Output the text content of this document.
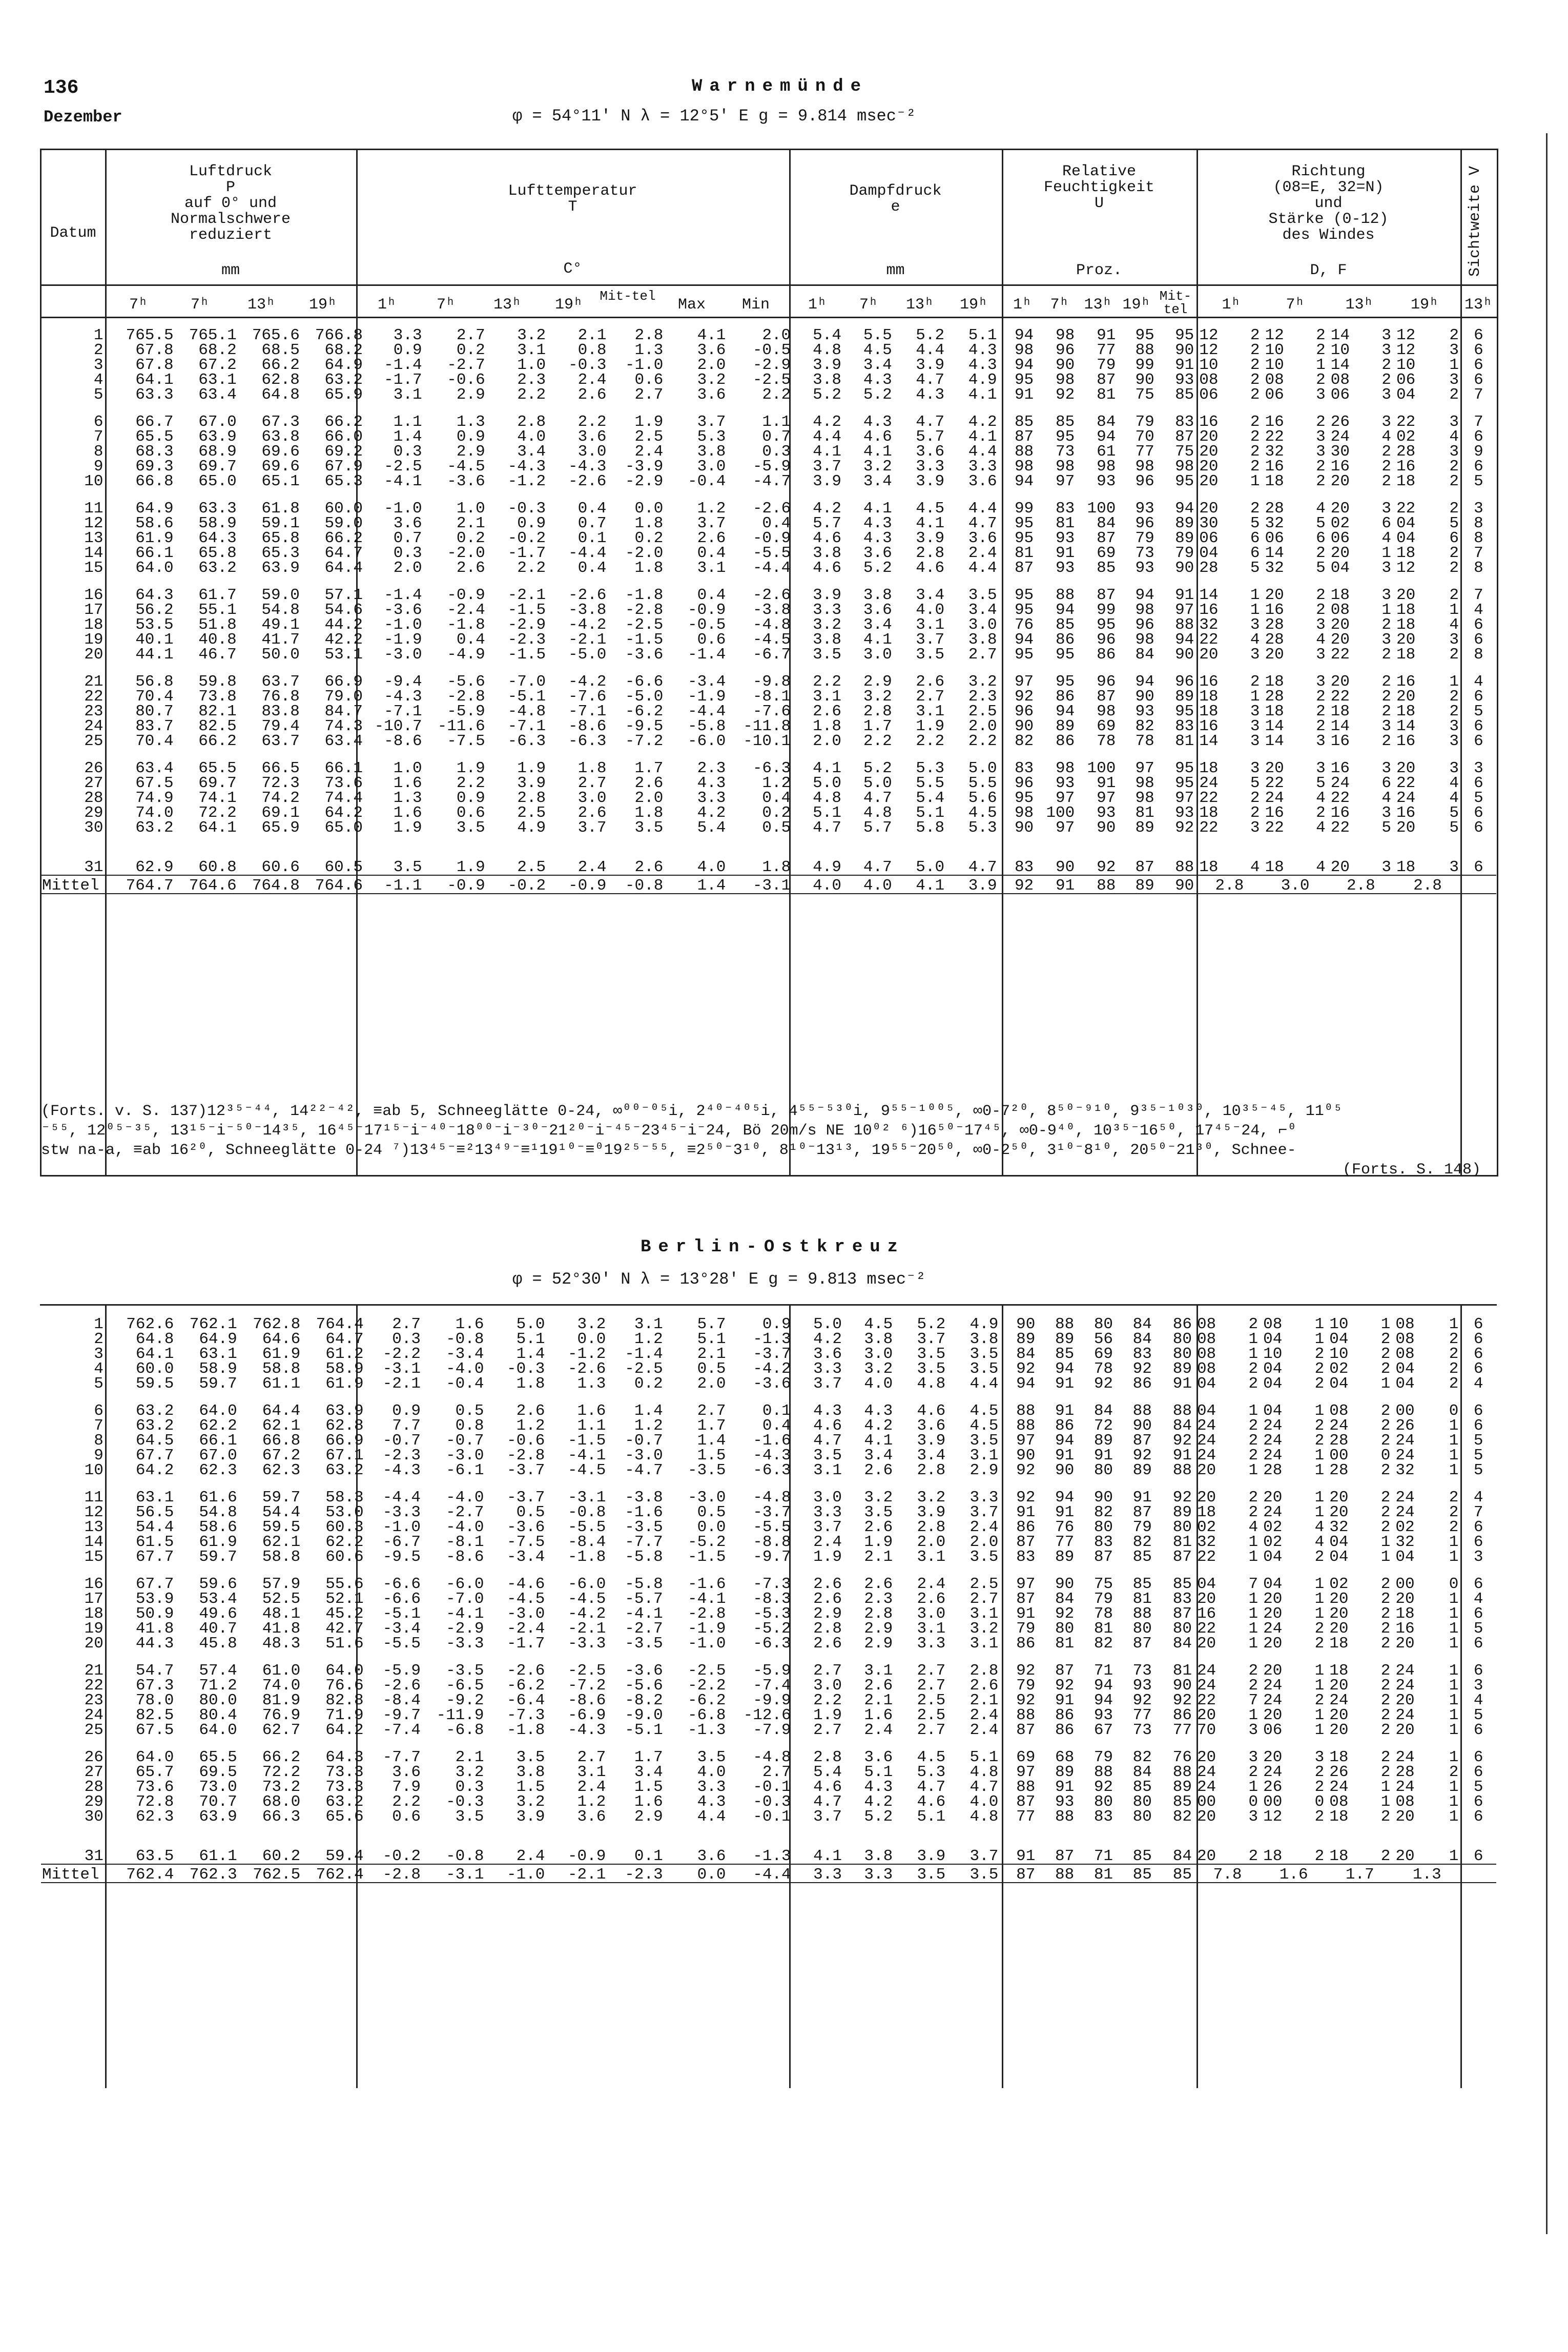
136
Dezember
Warnemünde
φ = 54°11′ N λ = 12°5′ E g = 9.814 msec⁻²
Datum
Luftdruck
P
auf 0° und
Normalschwere
reduziert
mm
Lufttemperatur
T
C°
Dampfdruck
e
mm
Relative
Feuchtigkeit
U
Proz.
Richtung
(08=E, 32=N)
und
Stärke (0-12)
des Windes
D, F	Sichtweite V
7ʰ	7ʰ	13ʰ	19ʰ	1ʰ	7ʰ	13ʰ	19ʰ	Mit-tel	Max	Min	1ʰ	7ʰ	13ʰ	19ʰ	1ʰ	7ʰ 13ʰ 19ʰ Mit-tel	1ʰ	7ʰ	13ʰ	19ʰ	13ʰ
1	765.5	765.1	765.6	766.8	3.3	2.7	3.2	2.1	2.8	4.1	2.0	5.4	5.5	5.2	5.1	94	98	91	95	95	12	2	12	2	14	3	12	2	6
2	67.8	68.2	68.5	68.2	0.9	0.2	3.1	0.8	1.3	3.6	-0.5	4.8	4.5	4.4	4.3	98	96	77	88	90	12	2	10	2	10	3	12	3	6
3	67.8	67.2	66.2	64.9	-1.4	-2.7	1.0	-0.3	-1.0	2.0	-2.9	3.9	3.4	3.9	4.3	94	90	79	99	91	10	2	10	1	14	2	10	1	6
4	64.1	63.1	62.8	63.2	-1.7	-0.6	2.3	2.4	0.6	3.2	-2.5	3.8	4.3	4.7	4.9	95	98	87	90	93	08	2	08	2	08	2	06	3	6
5	63.3	63.4	64.8	65.9	3.1	2.9	2.2	2.6	2.7	3.6	2.2	5.2	5.2	4.3	4.1	91	92	81	75	85	06	2	06	3	06	3	04	2	7

6	66.7	67.0	67.3	66.2	1.1	1.3	2.8	2.2	1.9	3.7	1.1	4.2	4.3	4.7	4.2	85	85	84	79	83	16	2	16	2	26	3	22	3	7
7	65.5	63.9	63.8	66.0	1.4	0.9	4.0	3.6	2.5	5.3	0.7	4.4	4.6	5.7	4.1	87	95	94	70	87	20	2	22	3	24	4	02	4	6
8	68.3	68.9	69.6	69.2	0.3	2.9	3.4	3.0	2.4	3.8	0.3	4.1	4.1	3.6	4.4	88	73	61	77	75	20	2	32	3	30	2	28	3	9
9	69.3	69.7	69.6	67.9	-2.5	-4.5	-4.3	-4.3	-3.9	3.0	-5.9	3.7	3.2	3.3	3.3	98	98	98	98	98	20	2	16	2	16	2	16	2	6
10	66.8	65.0	65.1	65.3	-4.1	-3.6	-1.2	-2.6	-2.9	-0.4	-4.7	3.9	3.4	3.9	3.6	94	97	93	96	95	20	1	18	2	20	2	18	2	5

11	64.9	63.3	61.8	60.0	-1.0	1.0	-0.3	0.4	0.0	1.2	-2.6	4.2	4.1	4.5	4.4	99	83	100	93	94	20	2	28	4	20	3	22	2	3
12	58.6	58.9	59.1	59.0	3.6	2.1	0.9	0.7	1.8	3.7	0.4	5.7	4.3	4.1	4.7	95	81	84	96	89	30	5	32	5	02	6	04	5	8
13	61.9	64.3	65.8	66.2	0.7	0.2	-0.2	0.1	0.2	2.6	-0.9	4.6	4.3	3.9	3.6	95	93	87	79	89	06	6	06	6	06	4	04	6	8
14	66.1	65.8	65.3	64.7	0.3	-2.0	-1.7	-4.4	-2.0	0.4	-5.5	3.8	3.6	2.8	2.4	81	91	69	73	79	04	6	14	2	20	1	18	2	7
15	64.0	63.2	63.9	64.4	2.0	2.6	2.2	0.4	1.8	3.1	-4.4	4.6	5.2	4.6	4.4	87	93	85	93	90	28	5	32	5	04	3	12	2	8

16	64.3	61.7	59.0	57.1	-1.4	-0.9	-2.1	-2.6	-1.8	0.4	-2.6	3.9	3.8	3.4	3.5	95	88	87	94	91	14	1	20	2	18	3	20	2	7
17	56.2	55.1	54.8	54.6	-3.6	-2.4	-1.5	-3.8	-2.8	-0.9	-3.8	3.3	3.6	4.0	3.4	95	94	99	98	97	16	1	16	2	08	1	18	1	4
18	53.5	51.8	49.1	44.2	-1.0	-1.8	-2.9	-4.2	-2.5	-0.5	-4.8	3.2	3.4	3.1	3.0	76	85	95	96	88	32	3	28	3	20	2	18	4	6
19	40.1	40.8	41.7	42.2	-1.9	0.4	-2.3	-2.1	-1.5	0.6	-4.5	3.8	4.1	3.7	3.8	94	86	96	98	94	22	4	28	4	20	3	20	3	6
20	44.1	46.7	50.0	53.1	-3.0	-4.9	-1.5	-5.0	-3.6	-1.4	-6.7	3.5	3.0	3.5	2.7	95	95	86	84	90	20	3	20	3	22	2	18	2	8

21	56.8	59.8	63.7	66.9	-9.4	-5.6	-7.0	-4.2	-6.6	-3.4	-9.8	2.2	2.9	2.6	3.2	97	95	96	94	96	16	2	18	3	20	2	16	1	4
22	70.4	73.8	76.8	79.0	-4.3	-2.8	-5.1	-7.6	-5.0	-1.9	-8.1	3.1	3.2	2.7	2.3	92	86	87	90	89	18	1	28	2	22	2	20	2	6
23	80.7	82.1	83.8	84.7	-7.1	-5.9	-4.8	-7.1	-6.2	-4.4	-7.6	2.6	2.8	3.1	2.5	96	94	98	93	95	18	3	18	2	18	2	18	2	5
24	83.7	82.5	79.4	74.3	-10.7	-11.6	-7.1	-8.6	-9.5	-5.8	-11.8	1.8	1.7	1.9	2.0	90	89	69	82	83	16	3	14	2	14	3	14	3	6
25	70.4	66.2	63.7	63.4	-8.6	-7.5	-6.3	-6.3	-7.2	-6.0	-10.1	2.0	2.2	2.2	2.2	82	86	78	78	81	14	3	14	3	16	2	16	3	6

26	63.4	65.5	66.5	66.1	1.0	1.9	1.9	1.8	1.7	2.3	-6.3	4.1	5.2	5.3	5.0	83	98	100	97	95	18	3	20	3	16	3	20	3	3
27	67.5	69.7	72.3	73.6	1.6	2.2	3.9	2.7	2.6	4.3	1.2	5.0	5.0	5.5	5.5	96	93	91	98	95	24	5	22	5	24	6	22	4	6
28	74.9	74.1	74.2	74.4	1.3	0.9	2.8	3.0	2.0	3.3	0.4	4.8	4.7	5.4	5.6	95	97	97	98	97	22	2	24	4	22	4	24	4	5
29	74.0	72.2	69.1	64.2	1.6	0.6	2.5	2.6	1.8	4.2	0.2	5.1	4.8	5.1	4.5	98	100	93	81	93	18	2	16	2	16	3	16	5	6
30	63.2	64.1	65.9	65.0	1.9	3.5	4.9	3.7	3.5	5.4	0.5	4.7	5.7	5.8	5.3	90	97	90	89	92	22	3	22	4	22	5	20	5	6

31	62.9	60.8	60.6	60.5	3.5	1.9	2.5	2.4	2.6	4.0	1.8	4.9	4.7	5.0	4.7	83	90	92	87	88	18	4	18	4	20	3	18	3	6
Mittel	764.7	764.6	764.8	764.6	-1.1	-0.9	-0.2	-0.9	-0.8	1.4	-3.1	4.0	4.0	4.1	3.9	92	91	88	89	90	2.8		3.0		2.8		2.8		
(Forts. v. S. 137)12³⁵⁻⁴⁴, 14²²⁻⁴², ≡ab 5, Schneeglätte 0-24, ∞⁰⁰⁻⁰⁵i, 2⁴⁰⁻⁴⁰⁵i, 4⁵⁵⁻⁵³⁰i, 9⁵⁵⁻¹⁰⁰⁵, ∞0-7²⁰, 8⁵⁰⁻⁹¹⁰, 9³⁵⁻¹⁰³⁰, 10³⁵⁻⁴⁵, 11⁰⁵
⁻⁵⁵, 12⁰⁵⁻³⁵, 13¹⁵⁻i⁻⁵⁰⁻14³⁵, 16⁴⁵⁻17¹⁵⁻i⁻⁴⁰⁻18⁰⁰⁻i⁻³⁰⁻21²⁰⁻i⁻⁴⁵⁻23⁴⁵⁻i⁻24, Bö 20m/s NE 10⁰² ⁶)16⁵⁰⁻17⁴⁵, ∞0-9⁴⁰, 10³⁵⁻16⁵⁰, 17⁴⁵⁻24, ⌐⁰
stw na-a, ≡ab 16²⁰, Schneeglätte 0-24 ⁷)13⁴⁵⁻≡²13⁴⁹⁻≡¹19¹⁰⁻≡⁰19²⁵⁻⁵⁵, ≡2⁵⁰⁻3¹⁰, 8¹⁰⁻13¹³, 19⁵⁵⁻20⁵⁰, ∞0-2⁵⁰, 3¹⁰⁻8¹⁰, 20⁵⁰⁻21³⁰, Schnee-
(Forts. S. 148)
Berlin-Ostkreuz
φ = 52°30′ N λ = 13°28′ E g = 9.813 msec⁻²
1	762.6	762.1	762.8	764.4	2.7	1.6	5.0	3.2	3.1	5.7	0.9	5.0	4.5	5.2	4.9	90	88	80	84	86	08	2	08	1	10	1	08	1	6
2	64.8	64.9	64.6	64.7	0.3	-0.8	5.1	0.0	1.2	5.1	-1.3	4.2	3.8	3.7	3.8	89	89	56	84	80	08	1	04	1	04	2	08	2	6
3	64.1	63.1	61.9	61.2	-2.2	-3.4	1.4	-1.2	-1.4	2.1	-3.7	3.6	3.0	3.5	3.5	84	85	69	83	80	08	1	10	2	10	2	08	2	6
4	60.0	58.9	58.8	58.9	-3.1	-4.0	-0.3	-2.6	-2.5	0.5	-4.2	3.3	3.2	3.5	3.5	92	94	78	92	89	08	2	04	2	02	2	04	2	6
5	59.5	59.7	61.1	61.9	-2.1	-0.4	1.8	1.3	0.2	2.0	-3.6	3.7	4.0	4.8	4.4	94	91	92	86	91	04	2	04	2	04	1	04	2	4

6	63.2	64.0	64.4	63.9	0.9	0.5	2.6	1.6	1.4	2.7	0.1	4.3	4.3	4.6	4.5	88	91	84	88	88	04	1	04	1	08	2	00	0	6
7	63.2	62.2	62.1	62.8	7.7	0.8	1.2	1.1	1.2	1.7	0.4	4.6	4.2	3.6	4.5	88	86	72	90	84	24	2	24	2	24	2	26	1	6
8	64.5	66.1	66.8	66.9	-0.7	-0.7	-0.6	-1.5	-0.7	1.4	-1.6	4.7	4.1	3.9	3.5	97	94	89	87	92	24	2	24	2	28	2	24	1	5
9	67.7	67.0	67.2	67.1	-2.3	-3.0	-2.8	-4.1	-3.0	1.5	-4.3	3.5	3.4	3.4	3.1	90	91	91	92	91	24	2	24	1	00	0	24	1	5
10	64.2	62.3	62.3	63.2	-4.3	-6.1	-3.7	-4.5	-4.7	-3.5	-6.3	3.1	2.6	2.8	2.9	92	90	80	89	88	20	1	28	1	28	2	32	1	5

11	63.1	61.6	59.7	58.3	-4.4	-4.0	-3.7	-3.1	-3.8	-3.0	-4.8	3.0	3.2	3.2	3.3	92	94	90	91	92	20	2	20	1	20	2	24	2	4
12	56.5	54.8	54.4	53.0	-3.3	-2.7	0.5	-0.8	-1.6	0.5	-3.7	3.3	3.5	3.9	3.7	91	91	82	87	89	18	2	24	1	20	2	24	2	7
13	54.4	58.6	59.5	60.3	-1.0	-4.0	-3.6	-5.5	-3.5	0.0	-5.5	3.7	2.6	2.8	2.4	86	76	80	79	80	02	4	02	4	32	2	02	2	6
14	61.5	61.9	62.1	62.2	-6.7	-8.1	-7.5	-8.4	-7.7	-5.2	-8.8	2.4	1.9	2.0	2.0	87	77	83	82	81	32	1	02	4	04	1	32	1	6
15	67.7	59.7	58.8	60.6	-9.5	-8.6	-3.4	-1.8	-5.8	-1.5	-9.7	1.9	2.1	3.1	3.5	83	89	87	85	87	22	1	04	2	04	1	04	1	3

16	67.7	59.6	57.9	55.6	-6.6	-6.0	-4.6	-6.0	-5.8	-1.6	-7.3	2.6	2.6	2.4	2.5	97	90	75	85	85	04	7	04	1	02	2	00	0	6
17	53.9	53.4	52.5	52.1	-6.6	-7.0	-4.5	-4.5	-5.7	-4.1	-8.3	2.6	2.3	2.6	2.7	87	84	79	81	83	20	1	20	1	20	2	20	1	4
18	50.9	49.6	48.1	45.2	-5.1	-4.1	-3.0	-4.2	-4.1	-2.8	-5.3	2.9	2.8	3.0	3.1	91	92	78	88	87	16	1	20	1	20	2	18	1	6
19	41.8	40.7	41.8	42.7	-3.4	-2.9	-2.4	-2.1	-2.7	-1.9	-5.2	2.8	2.9	3.1	3.2	79	80	81	80	80	22	1	24	2	20	2	16	1	5
20	44.3	45.8	48.3	51.6	-5.5	-3.3	-1.7	-3.3	-3.5	-1.0	-6.3	2.6	2.9	3.3	3.1	86	81	82	87	84	20	1	20	2	18	2	20	1	6

21	54.7	57.4	61.0	64.0	-5.9	-3.5	-2.6	-2.5	-3.6	-2.5	-5.9	2.7	3.1	2.7	2.8	92	87	71	73	81	24	2	20	1	18	2	24	1	6
22	67.3	71.2	74.0	76.6	-2.6	-6.5	-6.2	-7.2	-5.6	-2.2	-7.4	3.0	2.6	2.7	2.6	79	92	94	93	90	24	2	24	1	20	2	24	1	3
23	78.0	80.0	81.9	82.8	-8.4	-9.2	-6.4	-8.6	-8.2	-6.2	-9.9	2.2	2.1	2.5	2.1	92	91	94	92	92	22	7	24	2	24	2	20	1	4
24	82.5	80.4	76.9	71.9	-9.7	-11.9	-7.3	-6.9	-9.0	-6.8	-12.6	1.9	1.6	2.5	2.4	88	86	93	77	86	20	1	20	1	20	2	24	1	5
25	67.5	64.0	62.7	64.2	-7.4	-6.8	-1.8	-4.3	-5.1	-1.3	-7.9	2.7	2.4	2.7	2.4	87	86	67	73	77	70	3	06	1	20	2	20	1	6

26	64.0	65.5	66.2	64.3	-7.7	2.1	3.5	2.7	1.7	3.5	-4.8	2.8	3.6	4.5	5.1	69	68	79	82	76	20	3	20	3	18	2	24	1	6
27	65.7	69.5	72.2	73.3	3.6	3.2	3.8	3.1	3.4	4.0	2.7	5.4	5.1	5.3	4.8	97	89	88	84	88	24	2	24	2	26	2	28	2	6
28	73.6	73.0	73.2	73.3	7.9	0.3	1.5	2.4	1.5	3.3	-0.1	4.6	4.3	4.7	4.7	88	91	92	85	89	24	1	26	2	24	1	24	1	5
29	72.8	70.7	68.0	63.2	2.2	-0.3	3.2	1.2	1.6	4.3	-0.3	4.7	4.2	4.6	4.0	87	93	80	80	85	00	0	00	0	08	1	08	1	6
30	62.3	63.9	66.3	65.6	0.6	3.5	3.9	3.6	2.9	4.4	-0.1	3.7	5.2	5.1	4.8	77	88	83	80	82	20	3	12	2	18	2	20	1	6

31	63.5	61.1	60.2	59.4	-0.2	-0.8	2.4	-0.9	0.1	3.6	-1.3	4.1	3.8	3.9	3.7	91	87	71	85	84	20	2	18	2	18	2	20	1	6
Mittel	762.4	762.3	762.5	762.4	-2.8	-3.1	-1.0	-2.1	-2.3	0.0	-4.4	3.3	3.3	3.5	3.5	87	88	81	85	85	7.8		1.6		1.7		1.3		
